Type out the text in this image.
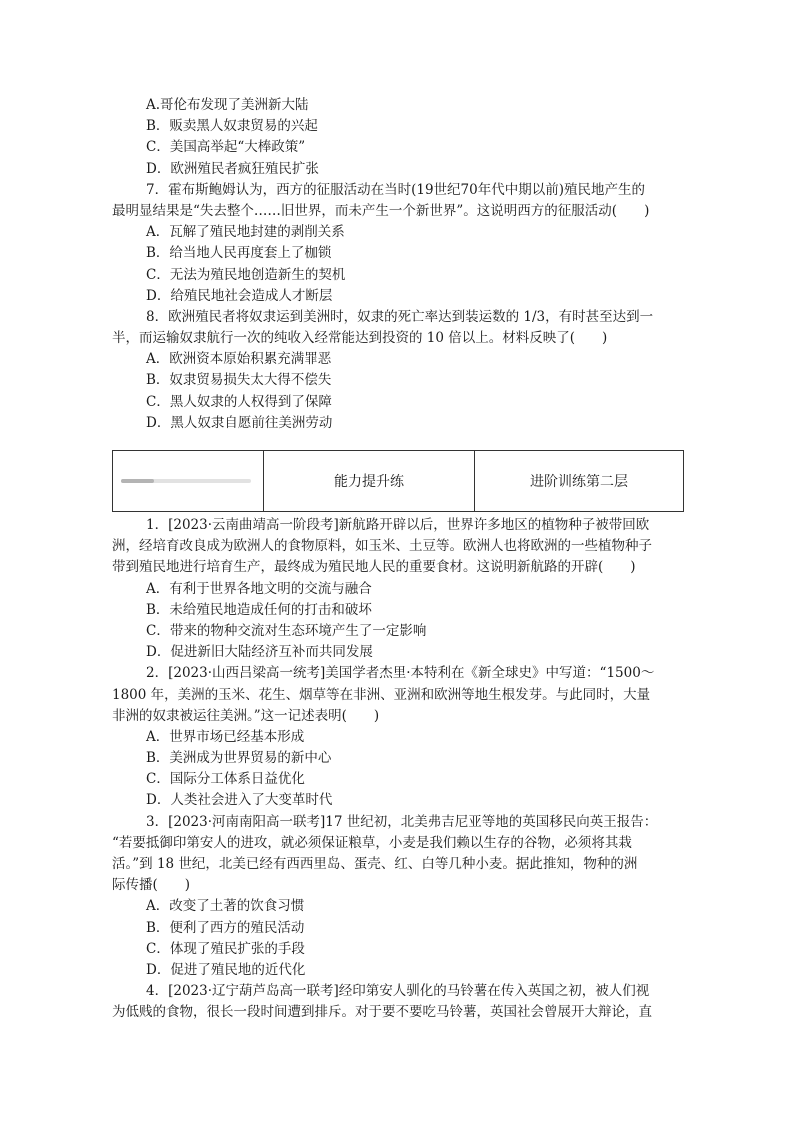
A.哥伦布发现了美洲新大陆
B．贩卖黑人奴隶贸易的兴起
C．美国高举起“大棒政策”
D．欧洲殖民者疯狂殖民扩张
7．霍布斯鲍姆认为，西方的征服活动在当时(19世纪70年代中期以前)殖民地产生的
最明显结果是“失去整个……旧世界，而未产生一个新世界”。这说明西方的征服活动(　　)
A．瓦解了殖民地封建的剥削关系
B．给当地人民再度套上了枷锁
C．无法为殖民地创造新生的契机
D．给殖民地社会造成人才断层
8．欧洲殖民者将奴隶运到美洲时，奴隶的死亡率达到装运数的 1/3，有时甚至达到一
半，而运输奴隶航行一次的纯收入经常能达到投资的 10 倍以上。材料反映了(　　)
A．欧洲资本原始积累充满罪恶
B．奴隶贸易损失太大得不偿失
C．黑人奴隶的人权得到了保障
D．黑人奴隶自愿前往美洲劳动
能力提升练	进阶训练第二层
1．[2023·云南曲靖高一阶段考]新航路开辟以后，世界许多地区的植物种子被带回欧
洲，经培育改良成为欧洲人的食物原料，如玉米、土豆等。欧洲人也将欧洲的一些植物种子
带到殖民地进行培育生产，最终成为殖民地人民的重要食材。这说明新航路的开辟(　　)
A．有利于世界各地文明的交流与融合
B．未给殖民地造成任何的打击和破坏
C．带来的物种交流对生态环境产生了一定影响
D．促进新旧大陆经济互补而共同发展
2．[2023·山西吕梁高一统考]美国学者杰里·本特利在《新全球史》中写道：“1500～
1800 年，美洲的玉米、花生、烟草等在非洲、亚洲和欧洲等地生根发芽。与此同时，大量
非洲的奴隶被运往美洲。”这一记述表明(　　)
A．世界市场已经基本形成
B．美洲成为世界贸易的新中心
C．国际分工体系日益优化
D．人类社会进入了大变革时代
3．[2023·河南南阳高一联考]17 世纪初，北美弗吉尼亚等地的英国移民向英王报告：
“若要抵御印第安人的进攻，就必须保证粮草，小麦是我们赖以生存的谷物，必须将其栽
活。”到 18 世纪，北美已经有西西里岛、蛋壳、红、白等几种小麦。据此推知，物种的洲
际传播(　　)
A．改变了土著的饮食习惯
B．便利了西方的殖民活动
C．体现了殖民扩张的手段
D．促进了殖民地的近代化
4．[2023·辽宁葫芦岛高一联考]经印第安人驯化的马铃薯在传入英国之初，被人们视
为低贱的食物，很长一段时间遭到排斥。对于要不要吃马铃薯，英国社会曾展开大辩论，直
